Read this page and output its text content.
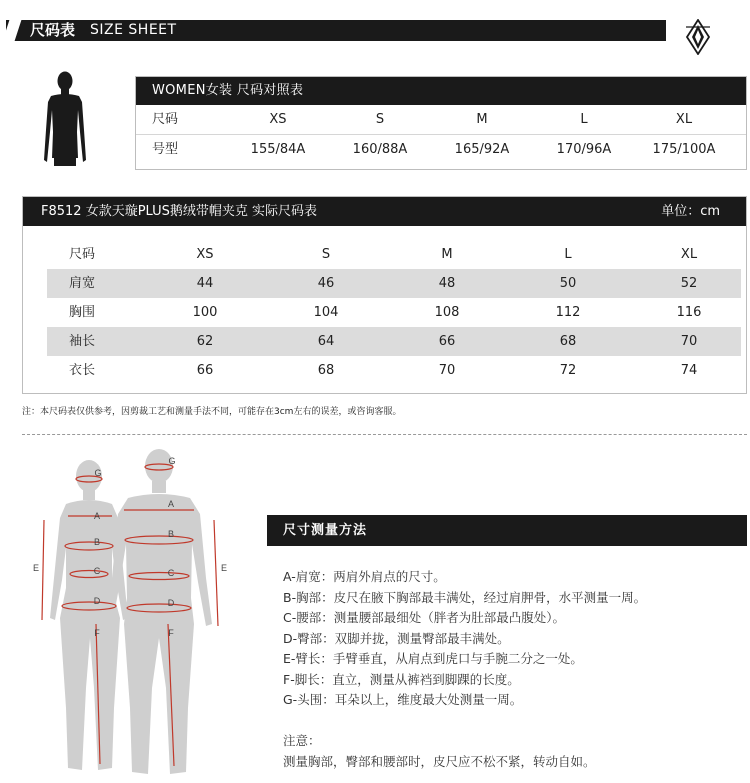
尺码表 SIZE SHEET
WOMEN女装 尺码对照表
尺码	XS	S	M	L	XL
号型	155/84A	160/88A	165/92A	170/96A	175/100A
F8512 女款天璇PLUS鹅绒带帽夹克 实际尺码表	单位：cm
尺码	XS	S	M	L	XL
肩宽	44	46	48	50	52
胸围	100	104	108	112	116
袖长	62	64	66	68	70
衣长	66	68	70	72	74
注：本尺码表仅供参考，因剪裁工艺和测量手法不同，可能存在3cm左右的误差，或咨询客服。
G
G
A
A
B
B
C	C
D	D
E	E
F	F
尺寸测量方法
A-肩宽：两肩外肩点的尺寸。
B-胸部：皮尺在腋下胸部最丰满处，经过肩胛骨，水平测量一周。
C-腰部：测量腰部最细处（胖者为肚部最凸腹处）。
D-臀部：双脚并拢，测量臀部最丰满处。
E-臂长：手臂垂直，从肩点到虎口与手腕二分之一处。
F-脚长：直立，测量从裤裆到脚踝的长度。
G-头围：耳朵以上，维度最大处测量一周。
注意：
测量胸部，臀部和腰部时，皮尺应不松不紧，转动自如。
